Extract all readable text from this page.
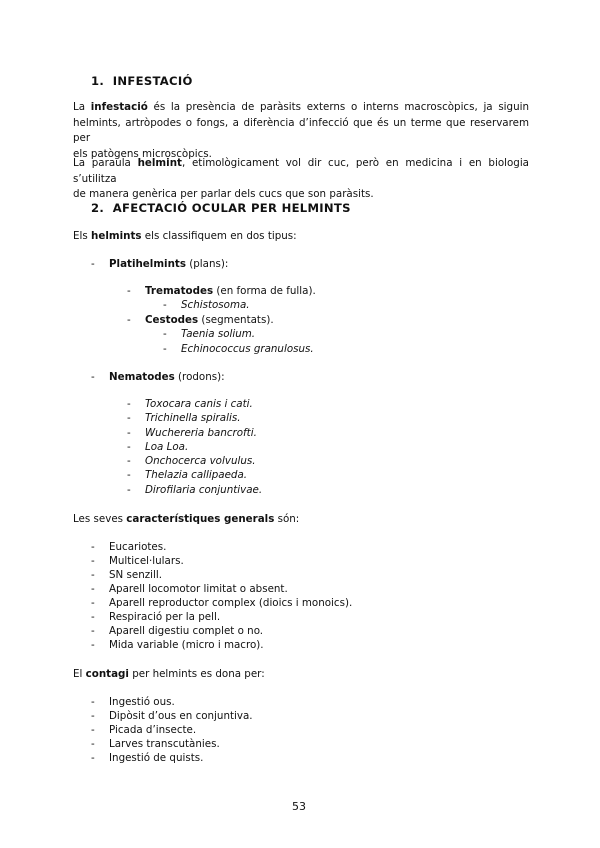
1. INFESTACIÓ
La infestació és la presència de paràsits externs o interns macroscòpics, ja siguin
helmints, artròpodes o fongs, a diferència d’infecció que és un terme que reservarem per
els patògens microscòpics.
La paraula helmint, etimològicament vol dir cuc, però en medicina i en biologia s’utilitza
de manera genèrica per parlar dels cucs que son paràsits.
2. AFECTACIÓ OCULAR PER HELMINTS
Els helmints els classifiquem en dos tipus:
- Platihelmints (plans):
- Trematodes (en forma de fulla).
- Schistosoma.
- Cestodes (segmentats).
- Taenia solium.
- Echinococcus granulosus.
- Nematodes (rodons):
- Toxocara canis i cati.
- Trichinella spiralis.
- Wuchereria bancrofti.
- Loa Loa.
- Onchocerca volvulus.
- Thelazia callipaeda.
- Dirofilaria conjuntivae.
Les seves característiques generals són:
- Eucariotes.
- Multicel·lulars.
- SN senzill.
- Aparell locomotor limitat o absent.
- Aparell reproductor complex (dioics i monoics).
- Respiració per la pell.
- Aparell digestiu complet o no.
- Mida variable (micro i macro).
El contagi per helmints es dona per:
- Ingestió ous.
- Dipòsit d’ous en conjuntiva.
- Picada d’insecte.
- Larves transcutànies.
- Ingestió de quists.
53
